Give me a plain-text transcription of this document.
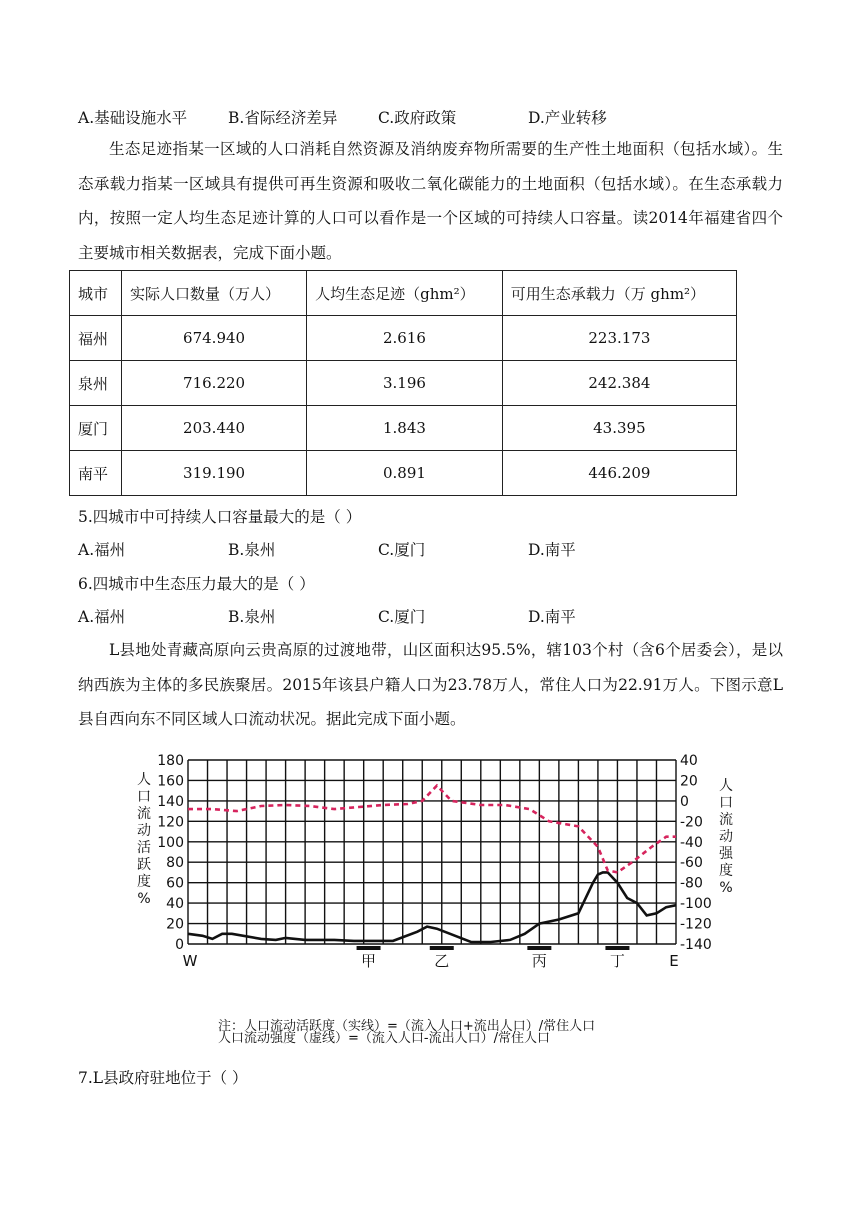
A.基础设施水平	B.省际经济差异	C.政府政策	D.产业转移
生态足迹指某一区域的人口消耗自然资源及消纳废弃物所需要的生产性土地面积（包括水域）。生态承载力指某一区域具有提供可再生资源和吸收二氧化碳能力的土地面积（包括水域）。在生态承载力内，按照一定人均生态足迹计算的人口可以看作是一个区域的可持续人口容量。读2014年福建省四个主要城市相关数据表，完成下面小题。
城市	实际人口数量（万人）	人均生态足迹（ghm²）	可用生态承载力（万 ghm²）
福州	674.940	2.616	223.173
泉州	716.220	3.196	242.384
厦门	203.440	1.843	43.395
南平	319.190	0.891	446.209
5.四城市中可持续人口容量最大的是（ ）
A.福州	B.泉州	C.厦门	D.南平
6.四城市中生态压力最大的是（ ）
A.福州	B.泉州	C.厦门	D.南平
L县地处青藏高原向云贵高原的过渡地带，山区面积达95.5%，辖103个村（含6个居委会），是以纳西族为主体的多民族聚居。2015年该县户籍人口为23.78万人，常住人口为22.91万人。下图示意L县自西向东不同区域人口流动状况。据此完成下面小题。
0
20
40
60
80
100
120
140
160
180	40
20
0
-20
-40
-60
-80
-100
-120
-140
W	甲	乙	丙	丁	E
人口流动活跃度%
人口流动强度%
注：人口流动活跃度（实线）=（流入人口+流出人口）/常住人口
人口流动强度（虚线）=（流入人口-流出人口）/常住人口
7.L县政府驻地位于（ ）
